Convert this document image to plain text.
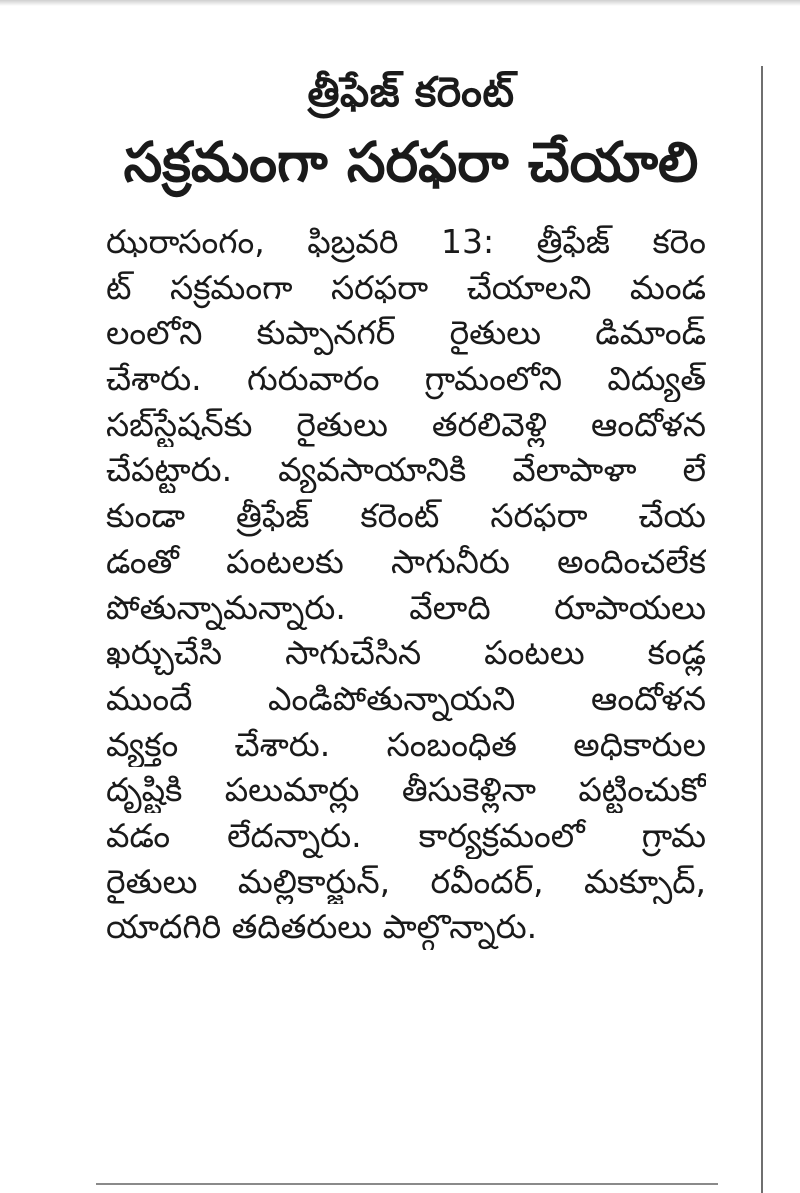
త్రీఫేజ్ కరెంట్
సక్రమంగా సరఫరా చేయాలి
ఝరాసంగం, ఫిబ్రవరి 13: త్రీఫేజ్ కరెం
ట్ సక్రమంగా సరఫరా చేయాలని మండ
లంలోని కుప్పానగర్ రైతులు డిమాండ్
చేశారు. గురువారం గ్రామంలోని విద్యుత్
సబ్‌స్టేషన్‌కు రైతులు తరలివెళ్లి ఆందోళన
చేపట్టారు. వ్యవసాయానికి వేలాపాళా లే
కుండా త్రీఫేజ్ కరెంట్ సరఫరా చేయ
డంతో పంటలకు సాగునీరు అందించలేక
పోతున్నామన్నారు. వేలాది రూపాయలు
ఖర్చుచేసి సాగుచేసిన పంటలు కండ్ల
ముందే ఎండిపోతున్నాయని ఆందోళన
వ్యక్తం చేశారు. సంబంధిత అధికారుల
దృష్టికి పలుమార్లు తీసుకెళ్లినా పట్టించుకో
వడం లేదన్నారు. కార్యక్రమంలో గ్రామ
రైతులు మల్లికార్జున్, రవీందర్, మక్సూద్,
యాదగిరి తదితరులు పాల్గొన్నారు.
